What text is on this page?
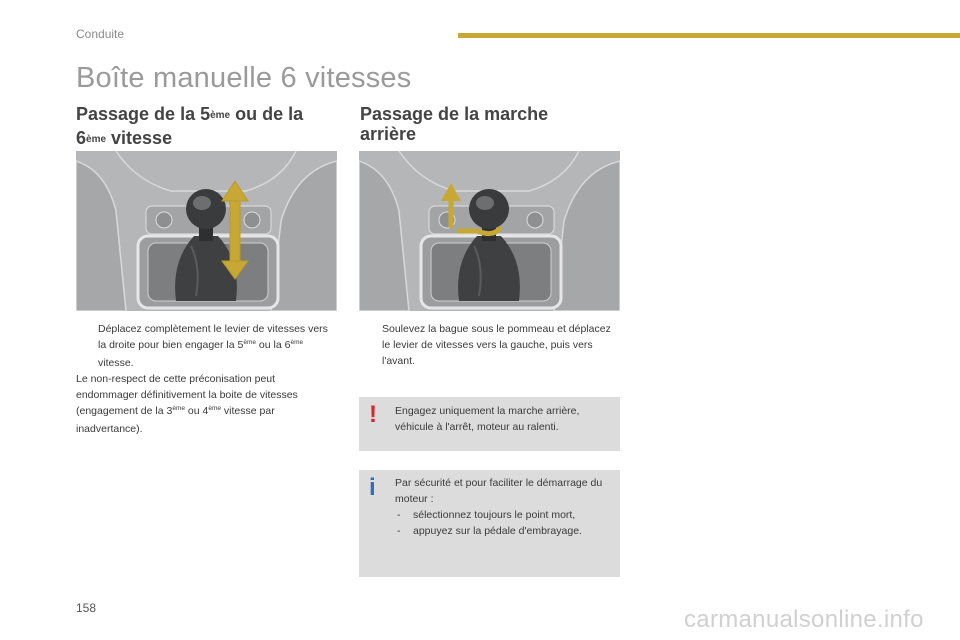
Conduite
Boîte manuelle 6 vitesses
Passage de la 5ème ou de la
6ème vitesse
Passage de la marche
arrière
Déplacez complètement le levier de vitesses vers la droite pour bien engager la 5ème ou la 6ème vitesse.
Le non-respect de cette préconisation peut endommager définitivement la boite de vitesses (engagement de la 3ème ou 4ème vitesse par inadvertance).
Soulevez la bague sous le pommeau et déplacez le levier de vitesses vers la gauche, puis vers l'avant.
! Engagez uniquement la marche arrière, véhicule à l'arrêt, moteur au ralenti.
i Par sécurité et pour faciliter le démarrage du moteur :
- sélectionnez toujours le point mort,
- appuyez sur la pédale d'embrayage.
158	carmanualsonline.info
